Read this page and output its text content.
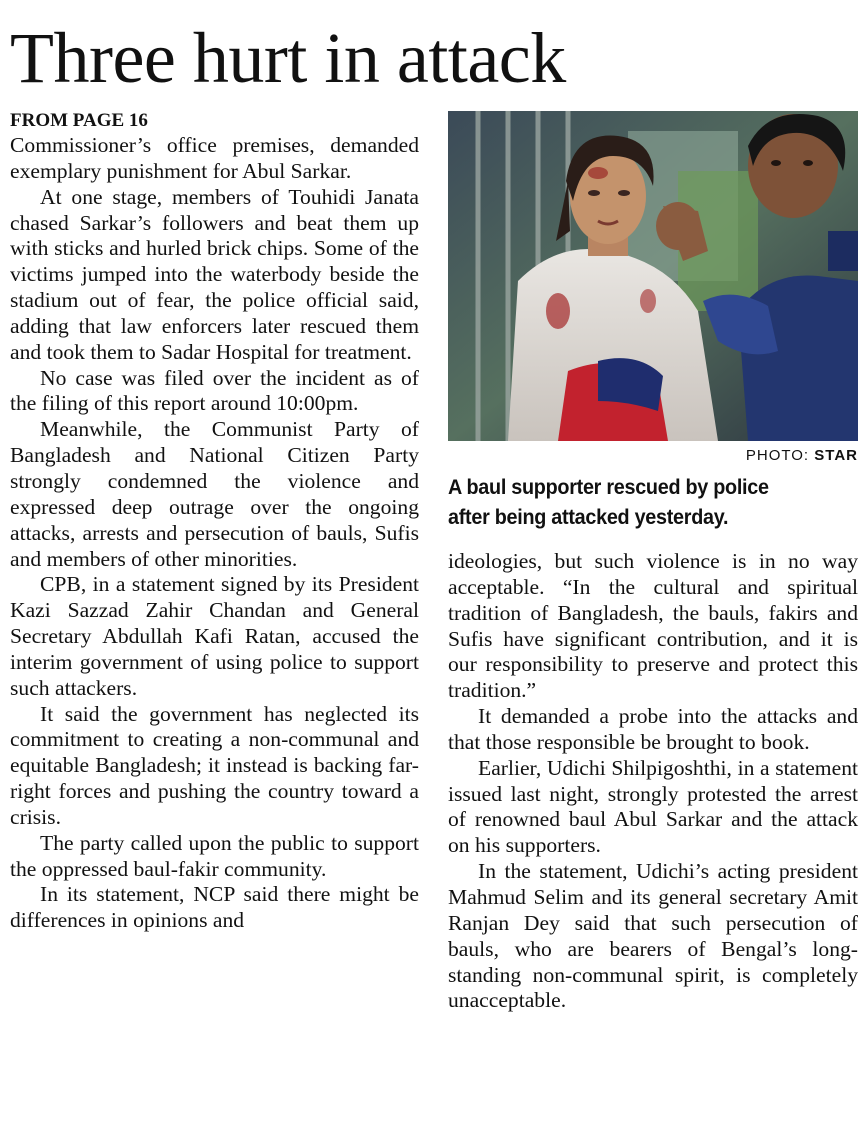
Three hurt in attack
FROM PAGE 16

Commissioner’s office premises, demanded exemplary punishment for Abul Sarkar.

At one stage, members of Touhidi Janata chased Sarkar’s followers and beat them up with sticks and hurled brick chips. Some of the victims jumped into the waterbody beside the stadium out of fear, the police official said, adding that law enforcers later rescued them and took them to Sadar Hospital for treatment.

No case was filed over the incident as of the filing of this report around 10:00pm.

Meanwhile, the Communist Party of Bangladesh and National Citizen Party strongly condemned the violence and expressed deep outrage over the ongoing attacks, arrests and persecution of bauls, Sufis and members of other minorities.

CPB, in a statement signed by its President Kazi Sazzad Zahir Chandan and General Secretary Abdullah Kafi Ratan, accused the interim government of using police to support such attackers.

It said the government has neglected its commitment to creating a non-communal and equitable Bangladesh; it instead is backing far-right forces and pushing the country toward a crisis.

The party called upon the public to support the oppressed baul-fakir community.

In its statement, NCP said there might be differences in opinions and

PHOTO: STAR
A baul supporter rescued by police
after being attacked yesterday.

ideologies, but such violence is in no way acceptable. “In the cultural and spiritual tradition of Bangladesh, the bauls, fakirs and Sufis have significant contribution, and it is our responsibility to preserve and protect this tradition.”

It demanded a probe into the attacks and that those responsible be brought to book.

Earlier, Udichi Shilpigoshthi, in a statement issued last night, strongly protested the arrest of renowned baul Abul Sarkar and the attack on his supporters.

In the statement, Udichi’s acting president Mahmud Selim and its general secretary Amit Ranjan Dey said that such persecution of bauls, who are bearers of Bengal’s long-standing non-communal spirit, is completely unacceptable.
